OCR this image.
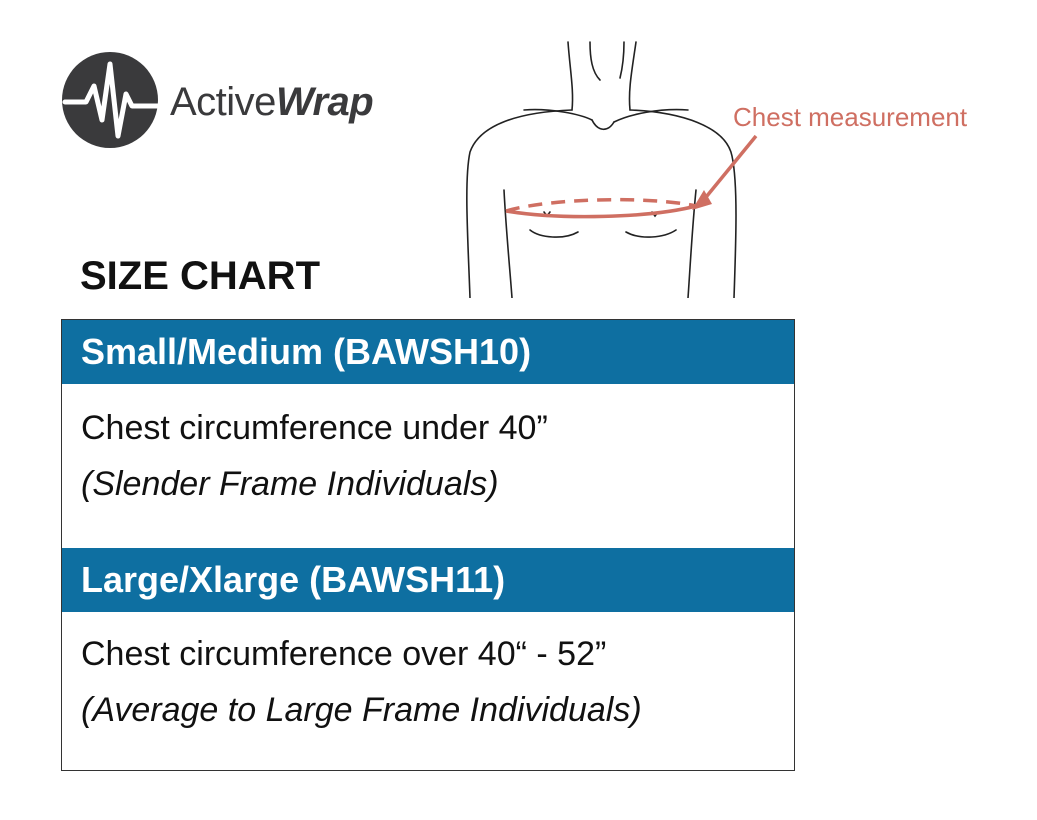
ActiveWrap	Chest measurement
SIZE CHART
Small/Medium (BAWSH10)
Chest circumference under 40”
(Slender Frame Individuals)
Large/Xlarge (BAWSH11)
Chest circumference over 40“ - 52”
(Average to Large Frame Individuals)
